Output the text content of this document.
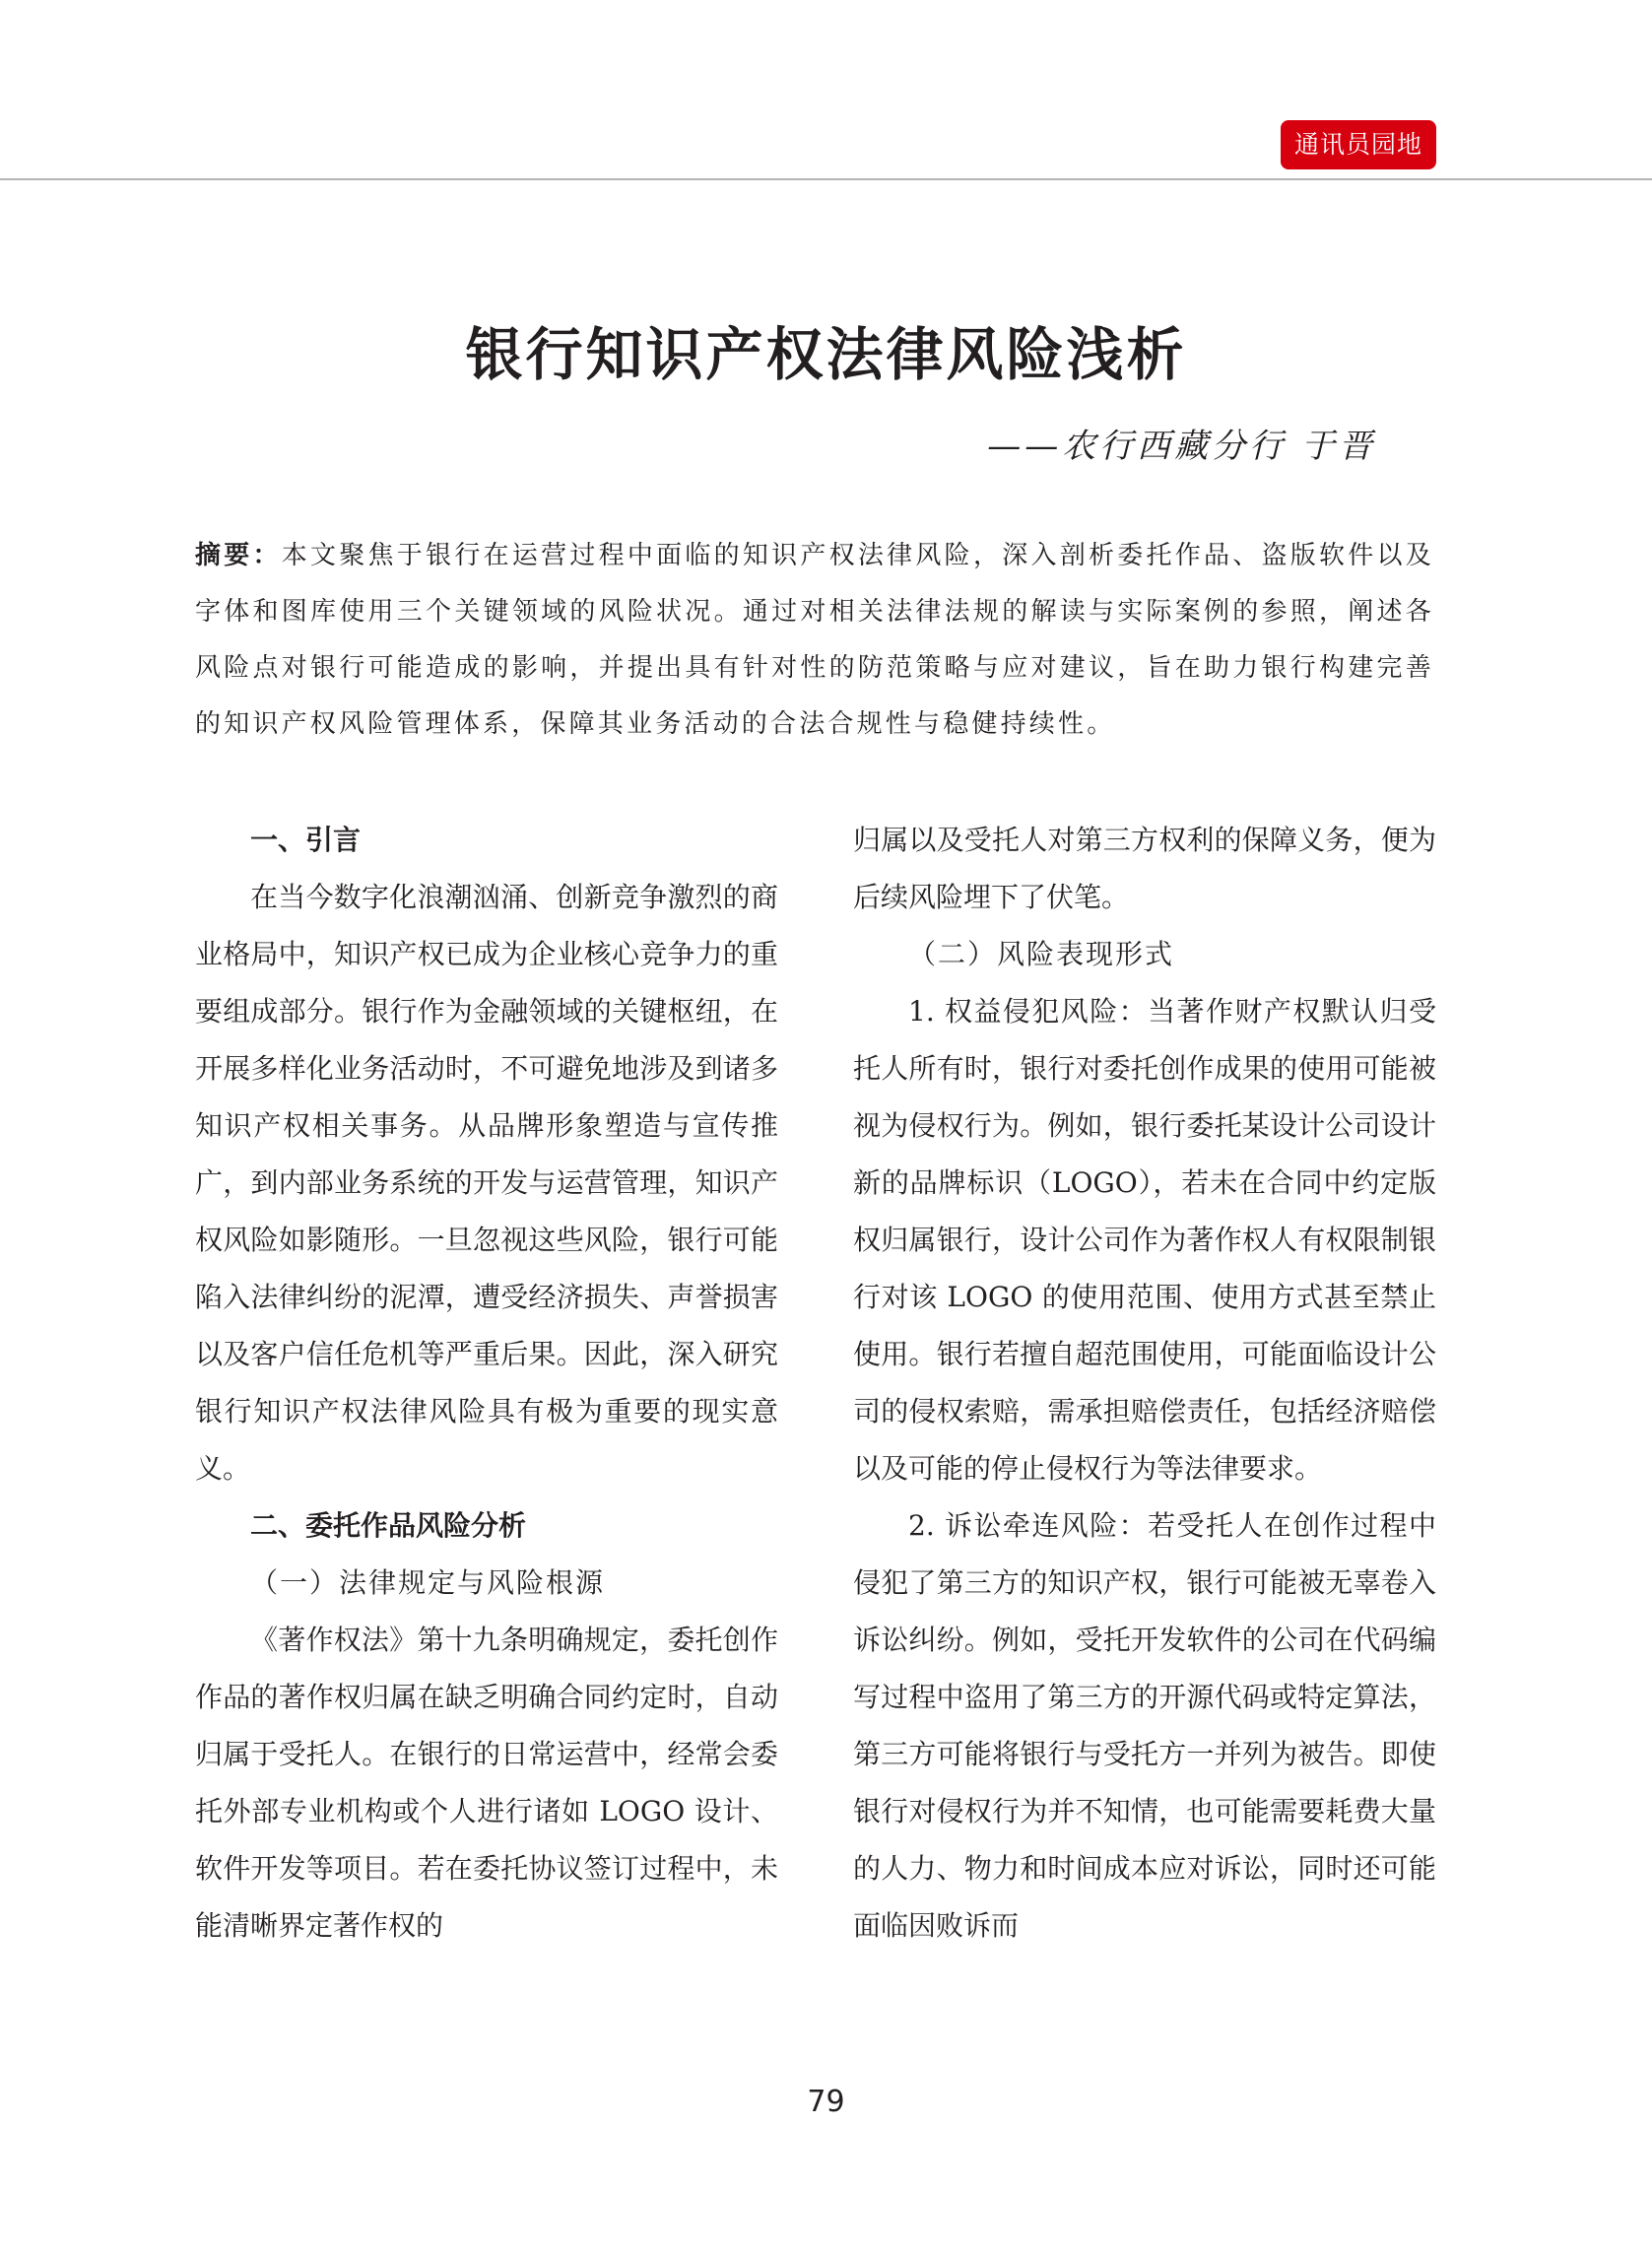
通讯员园地
银行知识产权法律风险浅析
——农行西藏分行 于晋

摘要：本文聚焦于银行在运营过程中面临的知识产权法律风险，深入剖析委托作品、盗版软件以及字体和图库使用三个关键领域的风险状况。通过对相关法律法规的解读与实际案例的参照，阐述各风险点对银行可能造成的影响，并提出具有针对性的防范策略与应对建议，旨在助力银行构建完善的知识产权风险管理体系，保障其业务活动的合法合规性与稳健持续性。

一、引言

在当今数字化浪潮汹涌、创新竞争激烈的商业格局中，知识产权已成为企业核心竞争力的重要组成部分。银行作为金融领域的关键枢纽，在开展多样化业务活动时，不可避免地涉及到诸多知识产权相关事务。从品牌形象塑造与宣传推广，到内部业务系统的开发与运营管理，知识产权风险如影随形。一旦忽视这些风险，银行可能陷入法律纠纷的泥潭，遭受经济损失、声誉损害以及客户信任危机等严重后果。因此，深入研究银行知识产权法律风险具有极为重要的现实意义。

二、委托作品风险分析
（一）法律规定与风险根源

《著作权法》第十九条明确规定，委托创作作品的著作权归属在缺乏明确合同约定时，自动归属于受托人。在银行的日常运营中，经常会委托外部专业机构或个人进行诸如 LOGO 设计、软件开发等项目。若在委托协议签订过程中，未能清晰界定著作权的

归属以及受托人对第三方权利的保障义务，便为后续风险埋下了伏笔。

（二）风险表现形式

1. 权益侵犯风险：当著作财产权默认归受托人所有时，银行对委托创作成果的使用可能被视为侵权行为。例如，银行委托某设计公司设计新的品牌标识（LOGO），若未在合同中约定版权归属银行，设计公司作为著作权人有权限制银行对该 LOGO 的使用范围、使用方式甚至禁止使用。银行若擅自超范围使用，可能面临设计公司的侵权索赔，需承担赔偿责任，包括经济赔偿以及可能的停止侵权行为等法律要求。

2. 诉讼牵连风险：若受托人在创作过程中侵犯了第三方的知识产权，银行可能被无辜卷入诉讼纠纷。例如，受托开发软件的公司在代码编写过程中盗用了第三方的开源代码或特定算法，第三方可能将银行与受托方一并列为被告。即使银行对侵权行为并不知情，也可能需要耗费大量的人力、物力和时间成本应对诉讼，同时还可能面临因败诉而

79
